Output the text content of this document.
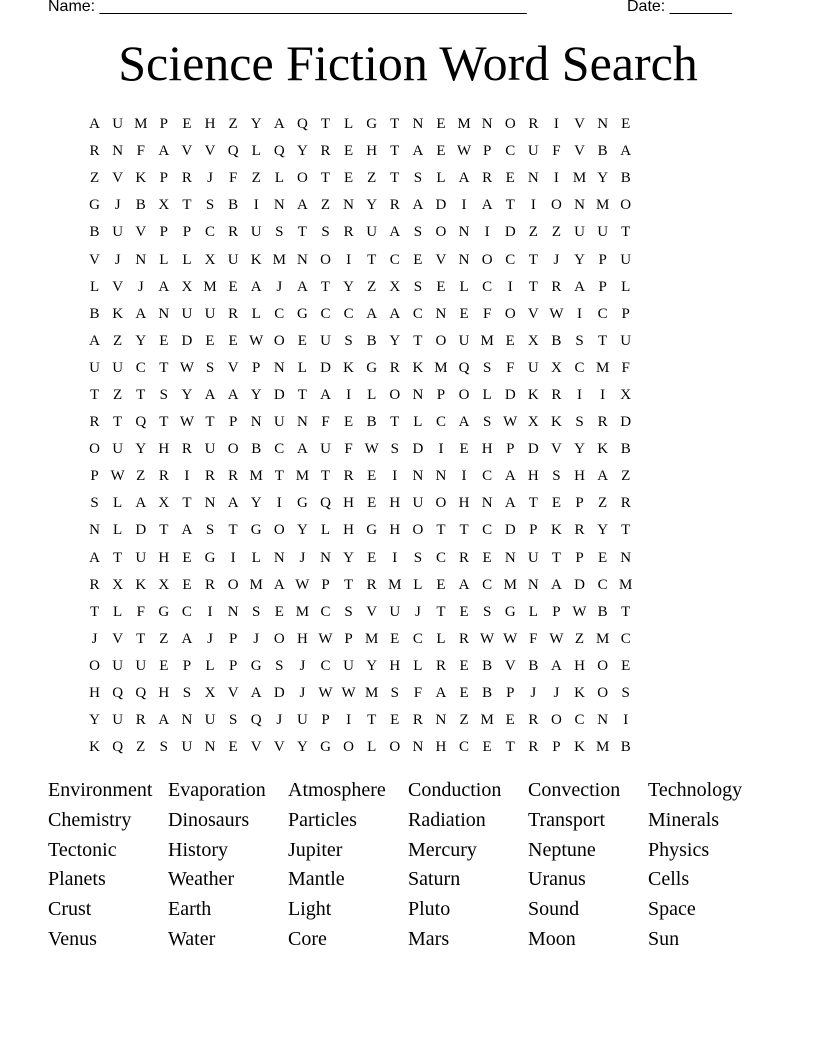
Name: ________________________________________________	Date: _______
Science Fiction Word Search
A U M P E H Z Y A Q T L G T N E M N O R	I	V N E
R N F A V V Q L Q Y R E H T A E W P C U F V B A
Z V K P R	J	F Z L O T E Z T S L A R E N	I M Y B
G J	B X T S B	I	N A Z N Y R A D	I	A T	I	O N M O
B U V P P C R U S T S R U A S O N	I	D Z Z U U T
V J N L L X U K M N O	I	T C E V N O C T	J Y P U
L V J A X M E A J A T Y Z X S E L C	I	T R A P L
B K A N U U R L C G C C A A C N E F O V W I	C P
A Z Y E D E E W O E U S B Y T O U M E X B S T U
U U C T W S V P N L D K G R K M Q S F U X C M F
T Z T S Y A A Y D T A	I	L O N P O L D K R	I	I	X
R T Q T W T P N U N F E B T L C A S W X K S R D
O U Y H R U O B C A U F W S D	I	E H P D V Y K B
P W Z R	I	R R M T M T R E	I	N N	I	C A H S H A Z
S L A X T N A Y	I	G Q H E H U O H N A T E P Z R
N L D T A S T G O Y L H G H O T T C D P K R Y T
A T U H E G	I	L N J N Y E	I	S C R E N U T P E N
R X K X E R O M A W P T R M L E A C M N A D C M
T L F G C	I	N S E M C S V U J	T E S G L P W B T
J V T Z A J	P	J O H W P M E C L R W W F W Z M C
O U U E P L P G S	J	C U Y H L R E B V B A H O E
H Q Q H S X V A D J W W M S F A E B P	J	J K O S
Y U R A N U S Q J U P	I	T E R N Z M E R O C N	I
K Q Z S U N E V V Y G O L O N H C E T R P K M B
Environment Evaporation	Atmosphere	Conduction	Convection	Technology
Chemistry	Dinosaurs	Particles	Radiation	Transport	Minerals
Tectonic	History	Jupiter	Mercury	Neptune	Physics
Planets	Weather	Mantle	Saturn	Uranus	Cells
Crust	Earth	Light	Pluto	Sound	Space
Venus	Water	Core	Mars	Moon	Sun
